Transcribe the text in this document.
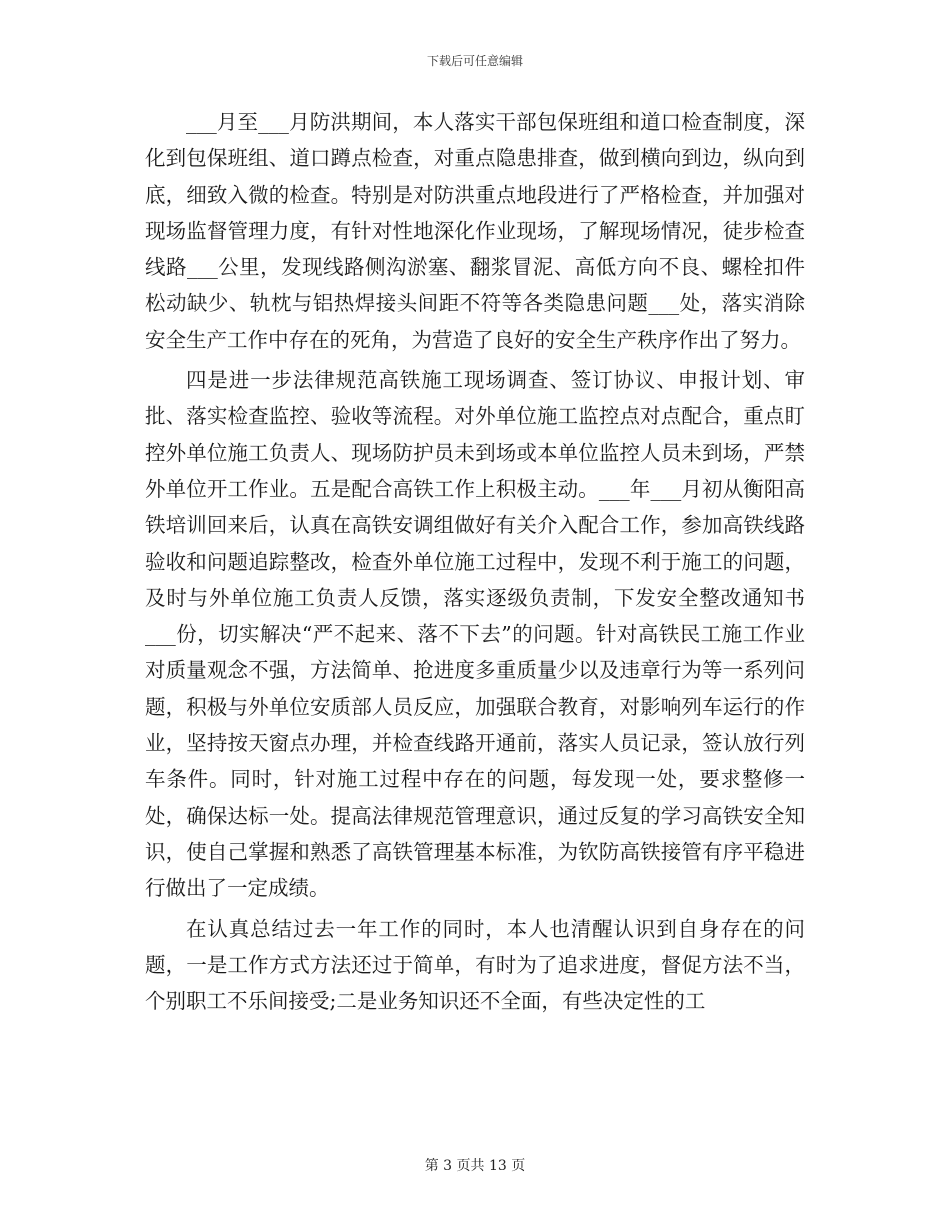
下载后可任意编辑

___月至___月防洪期间，本人落实干部包保班组和道口检查制度，深化到包保班组、道口蹲点检查，对重点隐患排查，做到横向到边，纵向到底，细致入微的检查。特别是对防洪重点地段进行了严格检查，并加强对现场监督管理力度，有针对性地深化作业现场，了解现场情况，徒步检查线路___公里，发现线路侧沟淤塞、翻浆冒泥、高低方向不良、螺栓扣件松动缺少、轨枕与铝热焊接头间距不符等各类隐患问题___处，落实消除安全生产工作中存在的死角，为营造了良好的安全生产秩序作出了努力。

四是进一步法律规范高铁施工现场调查、签订协议、申报计划、审批、落实检查监控、验收等流程。对外单位施工监控点对点配合，重点盯控外单位施工负责人、现场防护员未到场或本单位监控人员未到场，严禁外单位开工作业。五是配合高铁工作上积极主动。___年___月初从衡阳高铁培训回来后，认真在高铁安调组做好有关介入配合工作，参加高铁线路验收和问题追踪整改，检查外单位施工过程中，发现不利于施工的问题，及时与外单位施工负责人反馈，落实逐级负责制，下发安全整改通知书___份，切实解决“严不起来、落不下去”的问题。针对高铁民工施工作业对质量观念不强，方法简单、抢进度多重质量少以及违章行为等一系列问题，积极与外单位安质部人员反应，加强联合教育，对影响列车运行的作业，坚持按天窗点办理，并检查线路开通前，落实人员记录，签认放行列车条件。同时，针对施工过程中存在的问题，每发现一处，要求整修一处，确保达标一处。提高法律规范管理意识，通过反复的学习高铁安全知识，使自己掌握和熟悉了高铁管理基本标准，为钦防高铁接管有序平稳进行做出了一定成绩。

在认真总结过去一年工作的同时，本人也清醒认识到自身存在的问题，一是工作方式方法还过于简单，有时为了追求进度，督促方法不当，个别职工不乐间接受;二是业务知识还不全面，有些决定性的工

第 3 页共 13 页
